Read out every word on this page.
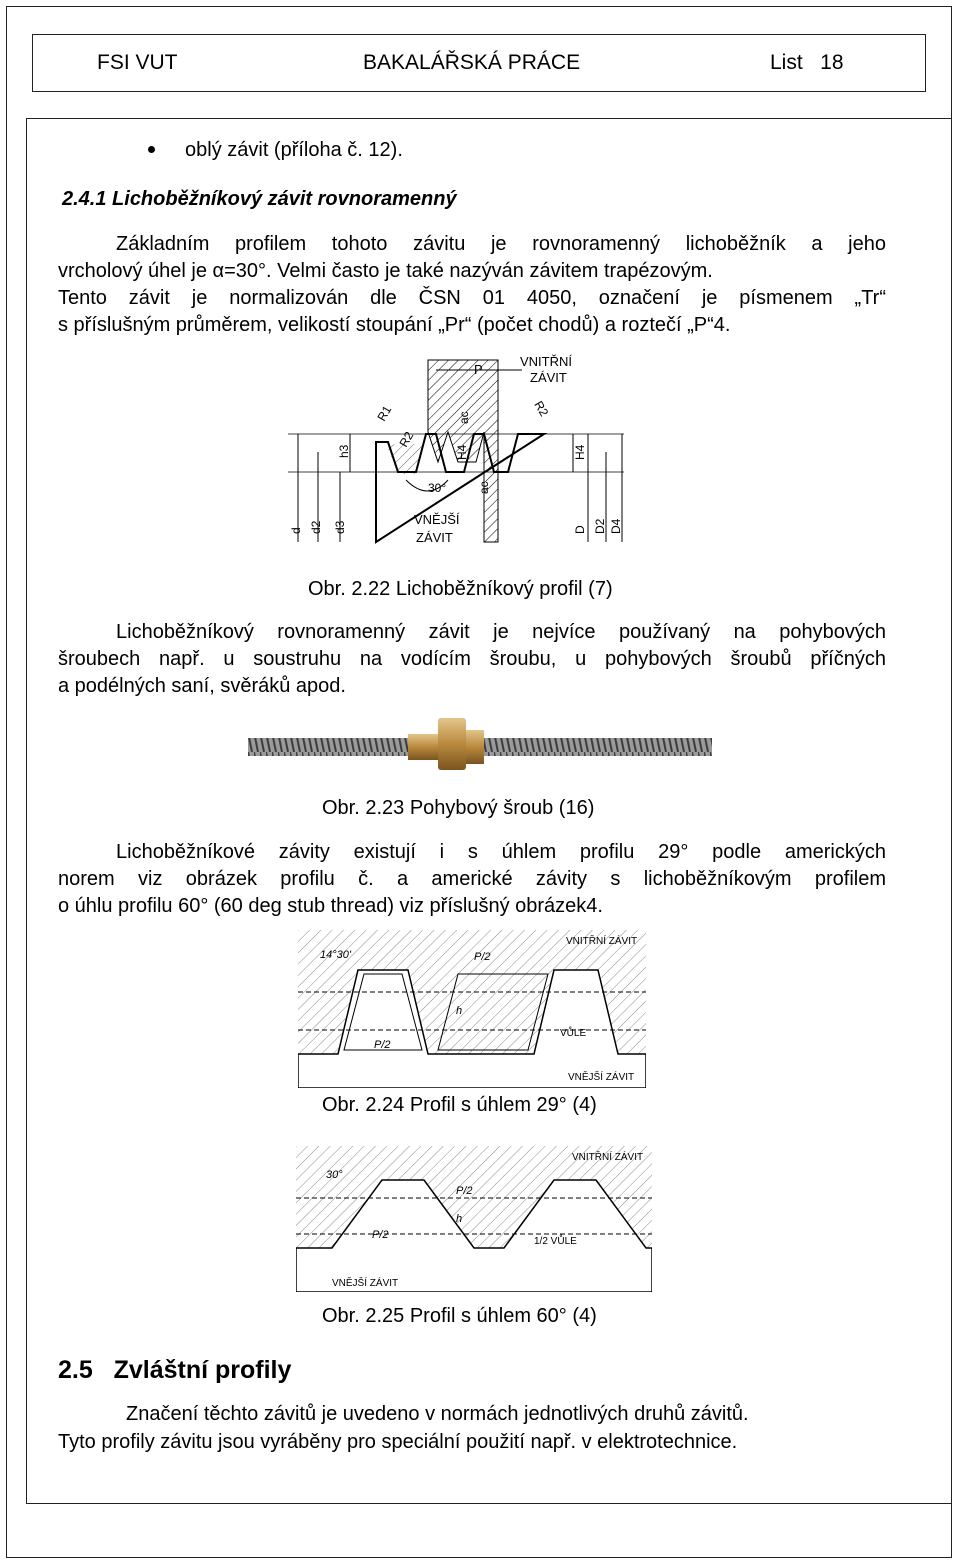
FSI VUT	BAKALÁŘSKÁ PRÁCE	List   18
oblý závit (příloha č. 12).
2.4.1 Lichoběžníkový závit rovnoramenný
Základním profilem tohoto závitu je rovnoramenný lichoběžník a jeho
vrcholový úhel je α=30°. Velmi často je také nazýván závitem trapézovým.
Tento závit je normalizován dle ČSN 01 4050, označení je písmenem „Tr“
s příslušným průměrem, velikostí stoupání „Pr“ (počet chodů) a roztečí „P“4.
VNITŘNÍ
ZÁVIT
P
R1
R2
R2
ac
ac
h3	H4	H4
30°
VNĚJŠÍ
ZÁVIT
d d2 d3	D D2 D4
Obr. 2.22 Lichoběžníkový profil (7)
Lichoběžníkový rovnoramenný závit je nejvíce používaný na pohybových
šroubech např. u soustruhu na vodícím šroubu, u pohybových šroubů příčných
a podélných saní, svěráků apod.
Obr. 2.23 Pohybový šroub (16)
Lichoběžníkové závity existují i s úhlem profilu 29° podle amerických
norem viz obrázek profilu č. a americké závity s lichoběžníkovým profilem
o úhlu profilu 60° (60 deg stub thread) viz příslušný obrázek4.
14°30'	P/2
P/2
h
VNITŘNÍ ZÁVIT
VŮLE
VNĚJŠÍ ZÁVIT
Obr. 2.24 Profil s úhlem 29° (4)
30°
P/2
P/2
h
VNITŘNÍ ZÁVIT
1/2 VŮLE
VNĚJŠÍ ZÁVIT
Obr. 2.25 Profil s úhlem 60° (4)
2.5   Zvláštní profily
Značení těchto závitů je uvedeno v normách jednotlivých druhů závitů.
Tyto profily závitu jsou vyráběny pro speciální použití např. v elektrotechnice.
